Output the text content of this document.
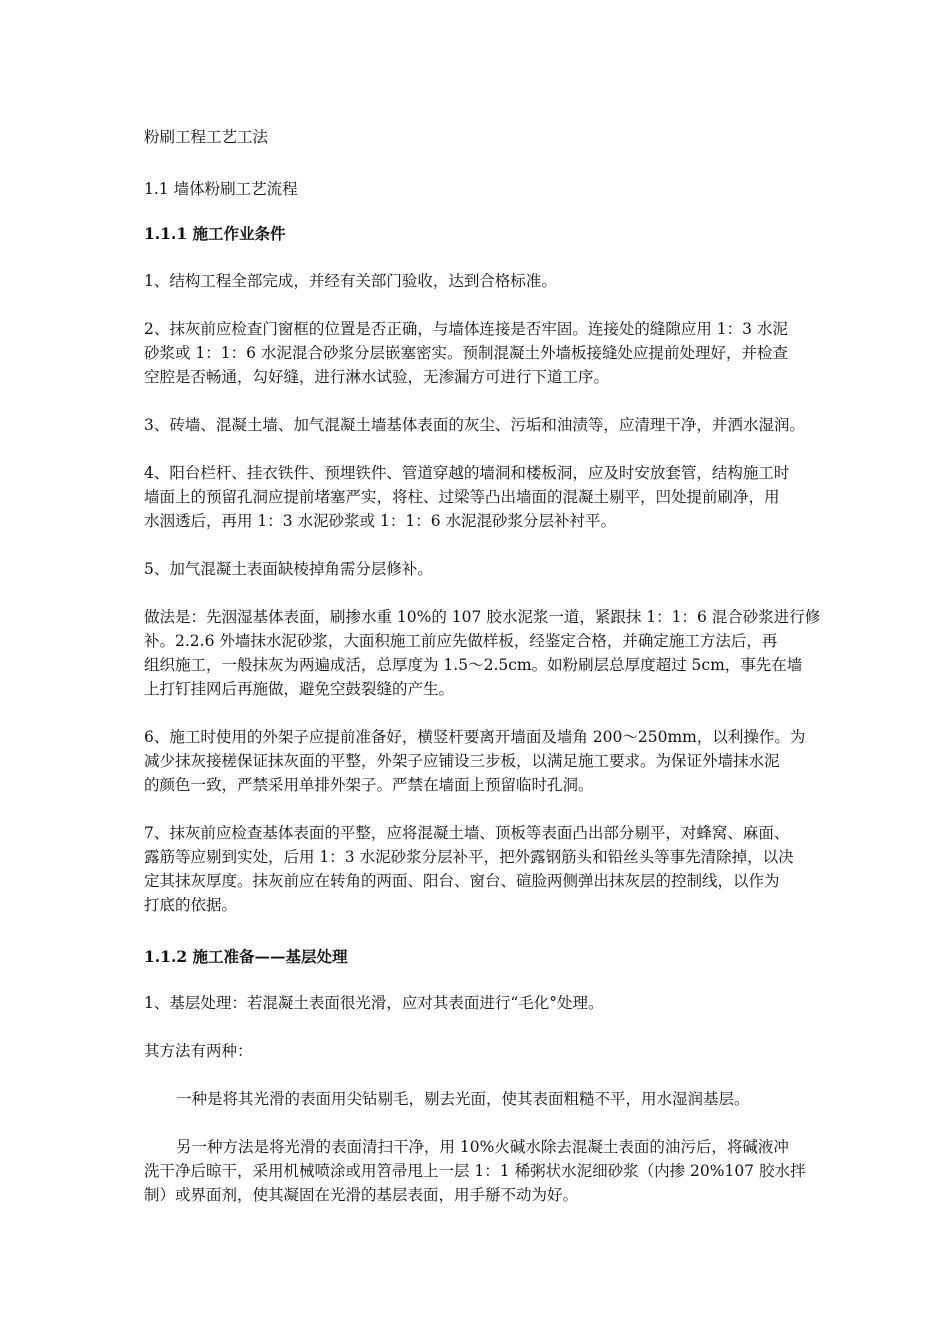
粉刷工程工艺工法
1.1 墙体粉刷工艺流程
1.1.1 施工作业条件
1、结构工程全部完成，并经有关部门验收，达到合格标准。
2、抹灰前应检查门窗框的位置是否正确，与墙体连接是否牢固。连接处的缝隙应用 1：3 水泥
砂浆或 1：1：6 水泥混合砂浆分层嵌塞密实。预制混凝土外墙板接缝处应提前处理好，并检查
空腔是否畅通，勾好缝，进行淋水试验，无渗漏方可进行下道工序。
3、砖墙、混凝土墙、加气混凝土墙基体表面的灰尘、污垢和油渍等，应清理干净，并洒水湿润。
4、阳台栏杆、挂衣铁件、预埋铁件、管道穿越的墙洞和楼板洞，应及时安放套管，结构施工时
墙面上的预留孔洞应提前堵塞严实，将柱、过梁等凸出墙面的混凝土剔平，凹处提前刷净，用
水洇透后，再用 1：3 水泥砂浆或 1：1：6 水泥混砂浆分层补衬平。
5、加气混凝土表面缺棱掉角需分层修补。
做法是：先洇湿基体表面，刷掺水重 10%的 107 胶水泥浆一道，紧跟抹 1：1：6 混合砂浆进行修
补。2.2.6 外墙抹水泥砂浆，大面积施工前应先做样板，经鉴定合格，并确定施工方法后，再
组织施工，一般抹灰为两遍成活，总厚度为 1.5～2.5cm。如粉刷层总厚度超过 5cm，事先在墙
上打钉挂网后再施做，避免空鼓裂缝的产生。
6、施工时使用的外架子应提前准备好，横竖杆要离开墙面及墙角 200～250mm，以利操作。为
减少抹灰接槎保证抹灰面的平整，外架子应铺设三步板，以满足施工要求。为保证外墙抹水泥
的颜色一致，严禁采用单排外架子。严禁在墙面上预留临时孔洞。
7、抹灰前应检查基体表面的平整，应将混凝土墙、顶板等表面凸出部分剔平，对蜂窝、麻面、
露筋等应剔到实处，后用 1：3 水泥砂浆分层补平，把外露钢筋头和铅丝头等事先清除掉，以决
定其抹灰厚度。抹灰前应在转角的两面、阳台、窗台、碹脸两侧弹出抹灰层的控制线，以作为
打底的依据。
1.1.2 施工准备——基层处理
1、基层处理：若混凝土表面很光滑，应对其表面进行“毛化°处理。
其方法有两种：
一种是将其光滑的表面用尖钻剔毛，剔去光面，使其表面粗糙不平，用水湿润基层。
另一种方法是将光滑的表面清扫干净，用 10%火碱水除去混凝土表面的油污后，将碱液冲
洗干净后晾干，采用机械喷涂或用笤帚甩上一层 1：1 稀粥状水泥细砂浆（内掺 20%107 胶水拌
制）或界面剂，使其凝固在光滑的基层表面，用手掰不动为好。
